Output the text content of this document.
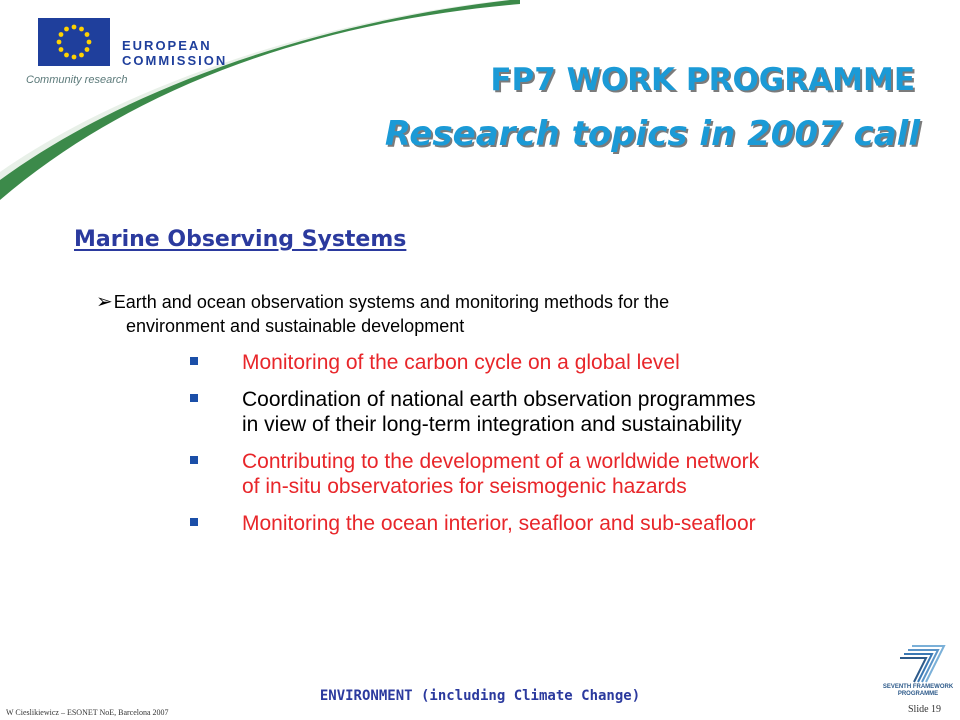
EUROPEAN
COMMISSION
Community research	FP7 WORK PROGRAMME
Research topics in 2007 call
Marine Observing Systems
➢Earth and ocean observation systems and monitoring methods for the
environment and sustainable development
Monitoring of the carbon cycle on a global level
Coordination of national earth observation programmes
in view of their long-term integration and sustainability
Contributing to the development of a worldwide network
of in-situ observatories for seismogenic hazards
Monitoring the ocean interior, seafloor and sub-seafloor
SEVENTH FRAMEWORK
PROGRAMME
ENVIRONMENT (including Climate Change)
W Cieslikiewicz – ESONET NoE, Barcelona 2007	Slide 19
